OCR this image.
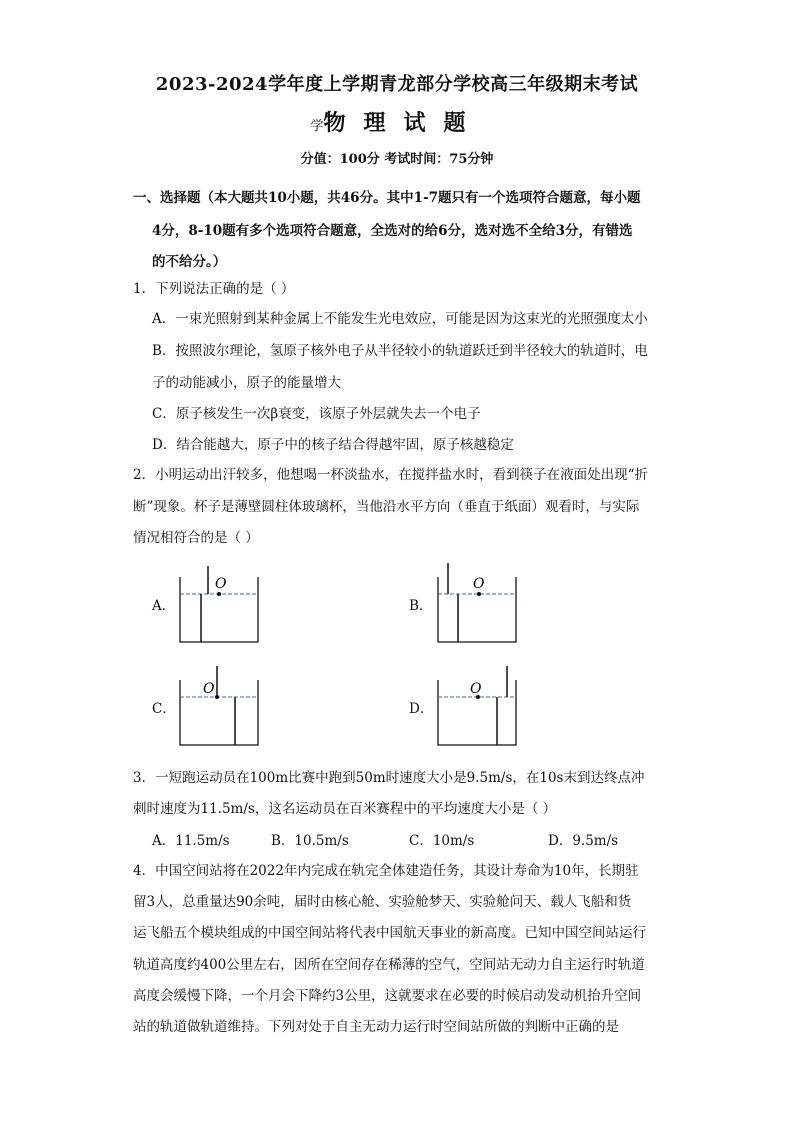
2023-2024学年度上学期青龙部分学校高三年级期末考试
学物理试题
分值：100分 考试时间：75分钟
一、选择题（本大题共10小题，共46分。其中1-7题只有一个选项符合题意，每小题
4分，8-10题有多个选项符合题意，全选对的给6分，选对选不全给3分，有错选
的不给分。）
1．下列说法正确的是（ ）
A．一束光照射到某种金属上不能发生光电效应，可能是因为这束光的光照强度太小
B．按照波尔理论，氢原子核外电子从半径较小的轨道跃迁到半径较大的轨道时，电
子的动能减小，原子的能量增大
C．原子核发生一次β衰变，该原子外层就失去一个电子
D．结合能越大，原子中的核子结合得越牢固，原子核越稳定
2．小明运动出汗较多，他想喝一杯淡盐水，在搅拌盐水时，看到筷子在液面处出现“折
断”现象。杯子是薄壁圆柱体玻璃杯，当他沿水平方向（垂直于纸面）观看时，与实际
情况相符合的是（ ）
A．	B．
C．	D．
O	O
O	O
3．一短跑运动员在100m比赛中跑到50m时速度大小是9.5m/s，在10s末到达终点冲
刺时速度为11.5m/s，这名运动员在百米赛程中的平均速度大小是（ ）
A．11.5m/s	B．10.5m/s	C．10m/s	D．9.5m/s
4．中国空间站将在2022年内完成在轨完全体建造任务，其设计寿命为10年，长期驻
留3人，总重量达90余吨，届时由核心舱、实验舱梦天、实验舱问天、载人飞船和货
运飞船五个模块组成的中国空间站将代表中国航天事业的新高度。已知中国空间站运行
轨道高度约400公里左右，因所在空间存在稀薄的空气，空间站无动力自主运行时轨道
高度会缓慢下降，一个月会下降约3公里，这就要求在必要的时候启动发动机抬升空间
站的轨道做轨道维持。下列对处于自主无动力运行时空间站所做的判断中正确的是
